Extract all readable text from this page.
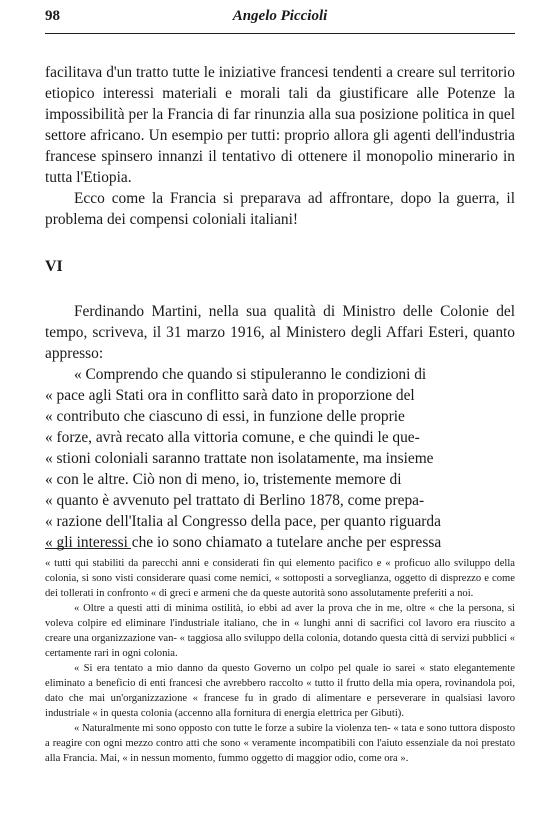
98	Angelo Piccioli

facilitava d'un tratto tutte le iniziative francesi tendenti a creare sul territorio etiopico interessi materiali e morali tali da giustificare alle Potenze la impossibilità per la Francia di far rinunzia alla sua posizione politica in quel settore africano. Un esempio per tutti: proprio allora gli agenti dell'industria francese spinsero innanzi il tentativo di ottenere il monopolio minerario in tutta l'Etiopia.

Ecco come la Francia si preparava ad affrontare, dopo la guerra, il problema dei compensi coloniali italiani!

VI

Ferdinando Martini, nella sua qualità di Ministro delle Colonie del tempo, scriveva, il 31 marzo 1916, al Ministero degli Affari Esteri, quanto appresso:

« Comprendo che quando si stipuleranno le condizioni di

« pace agli Stati ora in conflitto sarà dato in proporzione del

« contributo che ciascuno di essi, in funzione delle proprie

« forze, avrà recato alla vittoria comune, e che quindi le que-

« stioni coloniali saranno trattate non isolatamente, ma insieme

« con le altre. Ciò non di meno, io, tristemente memore di

« quanto è avvenuto pel trattato di Berlino 1878, come prepa-

« razione dell'Italia al Congresso della pace, per quanto riguarda

« gli interessi che io sono chiamato a tutelare anche per espressa

« tutti qui stabiliti da parecchi anni e considerati fin qui elemento pacifico e « proficuo allo sviluppo della colonia, si sono visti considerare quasi come nemici, « sottoposti a sorveglianza, oggetto di disprezzo e come dei tollerati in confronto « di greci e armeni che da queste autorità sono assolutamente preferiti a noi.

« Oltre a questi atti di minima ostilità, io ebbi ad aver la prova che in me, oltre « che la persona, si voleva colpire ed eliminare l'industriale italiano, che in « lunghi anni di sacrifici col lavoro era riuscito a creare una organizzazione van- « taggiosa allo sviluppo della colonia, dotando questa città di servizi pubblici « certamente rari in ogni colonia.

« Si era tentato a mio danno da questo Governo un colpo pel quale io sarei « stato elegantemente eliminato a beneficio di enti francesi che avrebbero raccolto « tutto il frutto della mia opera, rovinandola poi, dato che mai un'organizzazione « francese fu in grado di alimentare e perseverare in qualsiasi lavoro industriale « in questa colonia (accenno alla fornitura di energia elettrica per Gibuti).

« Naturalmente mi sono opposto con tutte le forze a subire la violenza ten- « tata e sono tuttora disposto a reagire con ogni mezzo contro atti che sono « veramente incompatibili con l'aiuto essenziale da noi prestato alla Francia. Mai, « in nessun momento, fummo oggetto di maggior odio, come ora ».
